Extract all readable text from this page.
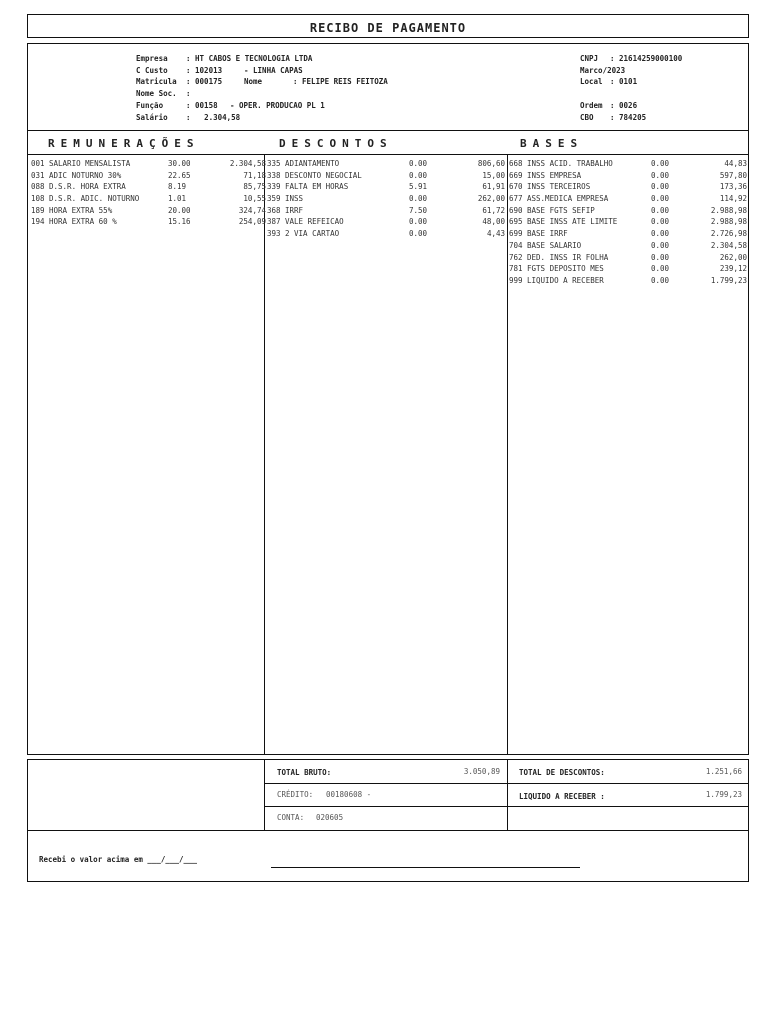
RECIBO DE PAGAMENTO
Empresa : HT CABOS E TECNOLOGIA LTDA
C Custo : 102013	- LINHA CAPAS
Matricula : 000175	Nome	: FELIPE REIS FEITOZA
Nome Soc. :
Função	: 00158 - OPER. PRODUCAO PL 1
Salário :   2.304,58
CNPJ : 21614259000100
Marco/2023
Local : 0101
Ordem : 0026
CBO : 784205
REMUNERAÇÕES	DESCONTOS	BASES
001 SALARIO MENSALISTA	30.00	2.304,58
031 ADIC NOTURNO 30%	22.65	71,18
088 D.S.R. HORA EXTRA	8.19	85,75
108 D.S.R. ADIC. NOTURNO	1.01	10,55
189 HORA EXTRA 55%	20.00	324,74
194 HORA EXTRA 60 %	15.16	254,09
335 ADIANTAMENTO	0.00	806,60
338 DESCONTO NEGOCIAL	0.00	15,00
339 FALTA EM HORAS	5.91	61,91
359 INSS	0.00	262,00
368 IRRF	7.50	61,72
387 VALE REFEICAO	0.00	48,00
393 2 VIA CARTAO	0.00	4,43
668 INSS ACID. TRABALHO	0.00	44,83
669 INSS EMPRESA	0.00	597,80
670 INSS TERCEIROS	0.00	173,36
677 ASS.MEDICA EMPRESA	0.00	114,92
690 BASE FGTS SEFIP	0.00	2.988,98
695 BASE INSS ATE LIMITE	0.00	2.988,98
699 BASE IRRF	0.00	2.726,98
704 BASE SALARIO	0.00	2.304,58
762 DED. INSS IR FOLHA	0.00	262,00
781 FGTS DEPOSITO MES	0.00	239,12
999 LIQUIDO A RECEBER	0.00	1.799,23
TOTAL BRUTO:	3.050,89	TOTAL DE DESCONTOS:	1.251,66
CRÉDITO: 00180608 -	LIQUIDO A RECEBER :	1.799,23
CONTA: 020605
Recebi o valor acima em ___/___/___
